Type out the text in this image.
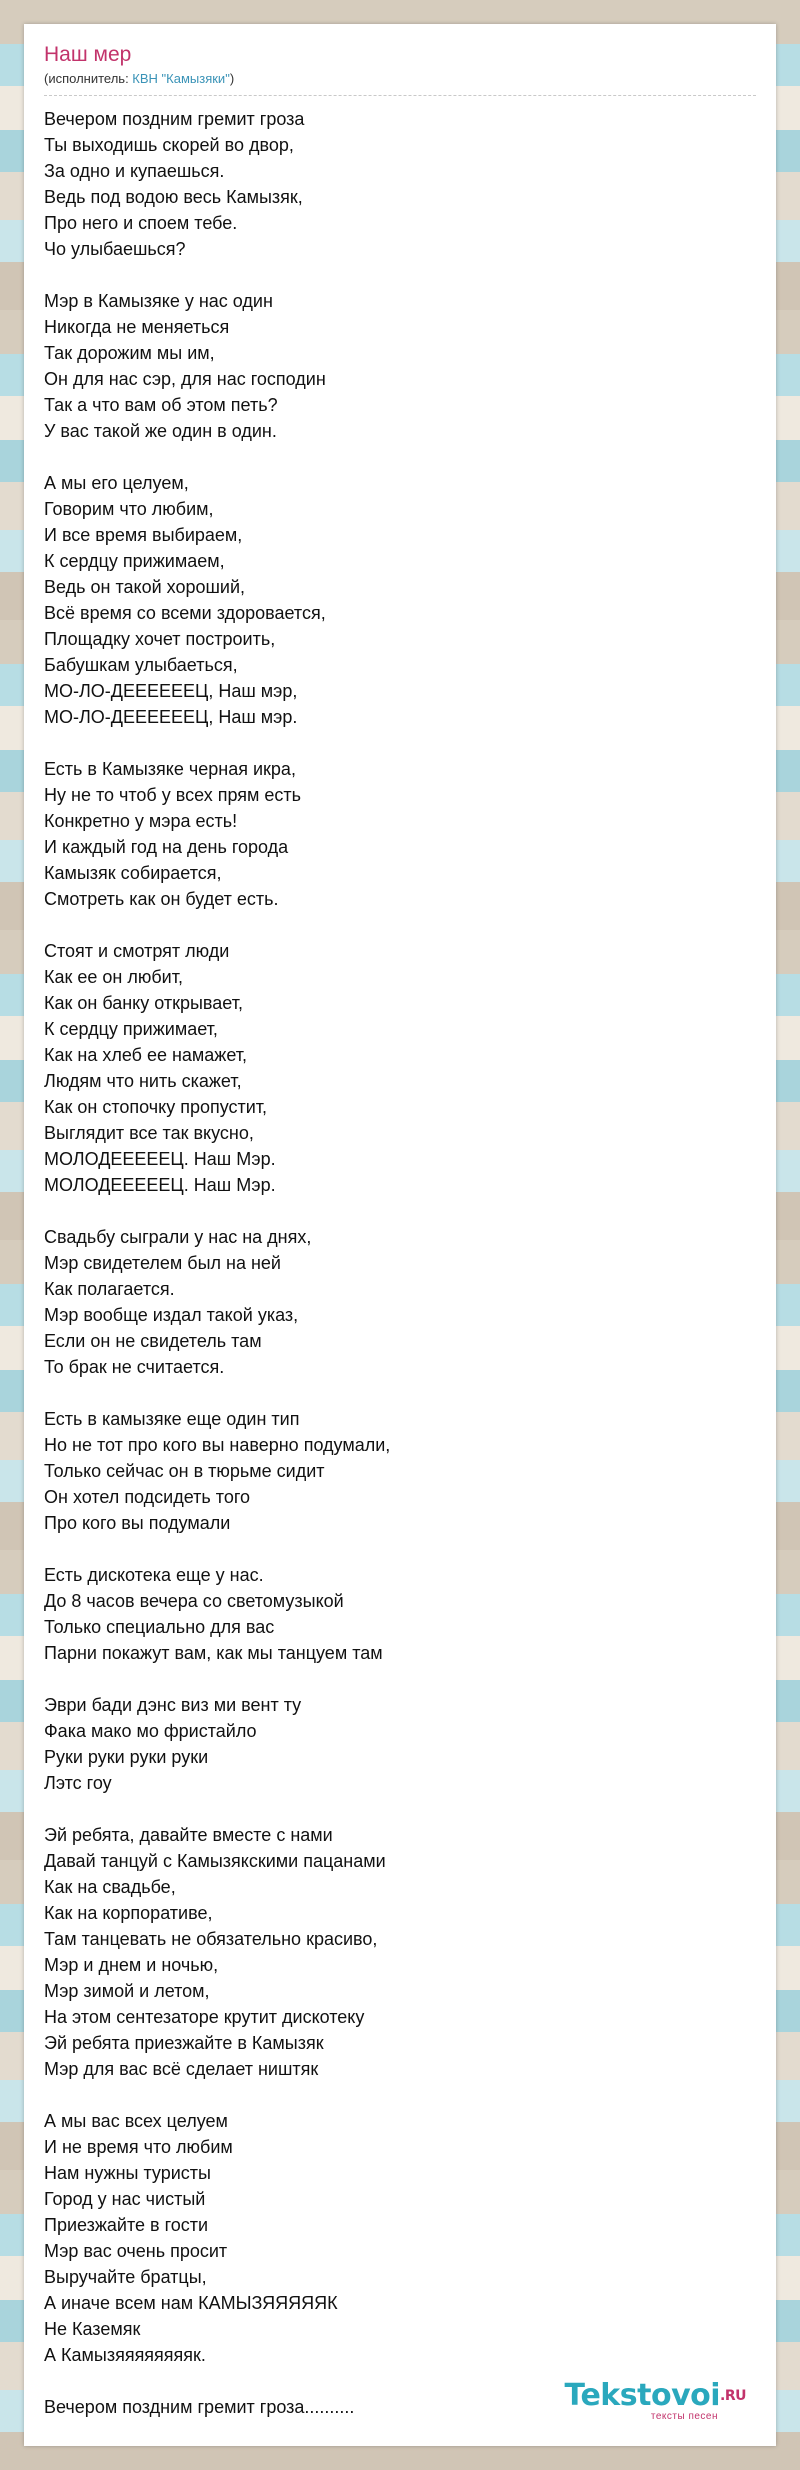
Наш мер
(исполнитель: КВН "Камызяки")
Вечером поздним гремит гроза
Ты выходишь скорей во двор,
За одно и купаешься.
Ведь под водою весь Камызяк,
Про него и споем тебе.
Чо улыбаешься?
Мэр в Камызяке у нас один
Никогда не меняеться
Так дорожим мы им,
Он для нас сэр, для нас господин
Так а что вам об этом петь?
У вас такой же один в один.
А мы его целуем,
Говорим что любим,
И все время выбираем,
К сердцу прижимаем,
Ведь он такой хороший,
Всё время со всеми здоровается,
Площадку хочет построить,
Бабушкам улыбаеться,
МО-ЛО-ДЕЕЕЕЕЕЦ, Наш мэр,
МО-ЛО-ДЕЕЕЕЕЕЦ, Наш мэр.
Есть в Камызяке черная икра,
Ну не то чтоб у всех прям есть
Конкретно у мэра есть!
И каждый год на день города
Камызяк собирается,
Смотреть как он будет есть.
Стоят и смотрят люди
Как ее он любит,
Как он банку открывает,
К сердцу прижимает,
Как на хлеб ее намажет,
Людям что нить скажет,
Как он стопочку пропустит,
Выглядит все так вкусно,
МОЛОДЕЕЕЕЕЦ. Наш Мэр.
МОЛОДЕЕЕЕЕЦ. Наш Мэр.
Свадьбу сыграли у нас на днях,
Мэр свидетелем был на ней
Как полагается.
Мэр вообще издал такой указ,
Если он не свидетель там
То брак не считается.
Есть в камызяке еще один тип
Но не тот про кого вы наверно подумали,
Только сейчас он в тюрьме сидит
Он хотел подсидеть того
Про кого вы подумали
Есть дискотека еще у нас.
До 8 часов вечера со светомузыкой
Только специально для вас
Парни покажут вам, как мы танцуем там
Эври бади дэнс виз ми вент ту
Фака мако мо фристайло
Руки руки руки руки
Лэтс гоу
Эй ребята, давайте вместе с нами
Давай танцуй с Камызякскими пацанами
Как на свадьбе,
Как на корпоративе,
Там танцевать не обязательно красиво,
Мэр и днем и ночью,
Мэр зимой и летом,
На этом сентезаторе крутит дискотеку
Эй ребята приезжайте в Камызяк
Мэр для вас всё сделает ништяк
А мы вас всех целуем
И не время что любим
Нам нужны туристы
Город у нас чистый
Приезжайте в гости
Мэр вас очень просит
Выручайте братцы,
А иначе всем нам КАМЫЗЯЯЯЯЯК
Не Каземяк
А Камызяяяяяяяяк.
Вечером поздним гремит гроза..........	Tekstovoi$^{.RU}$
тексты песен
